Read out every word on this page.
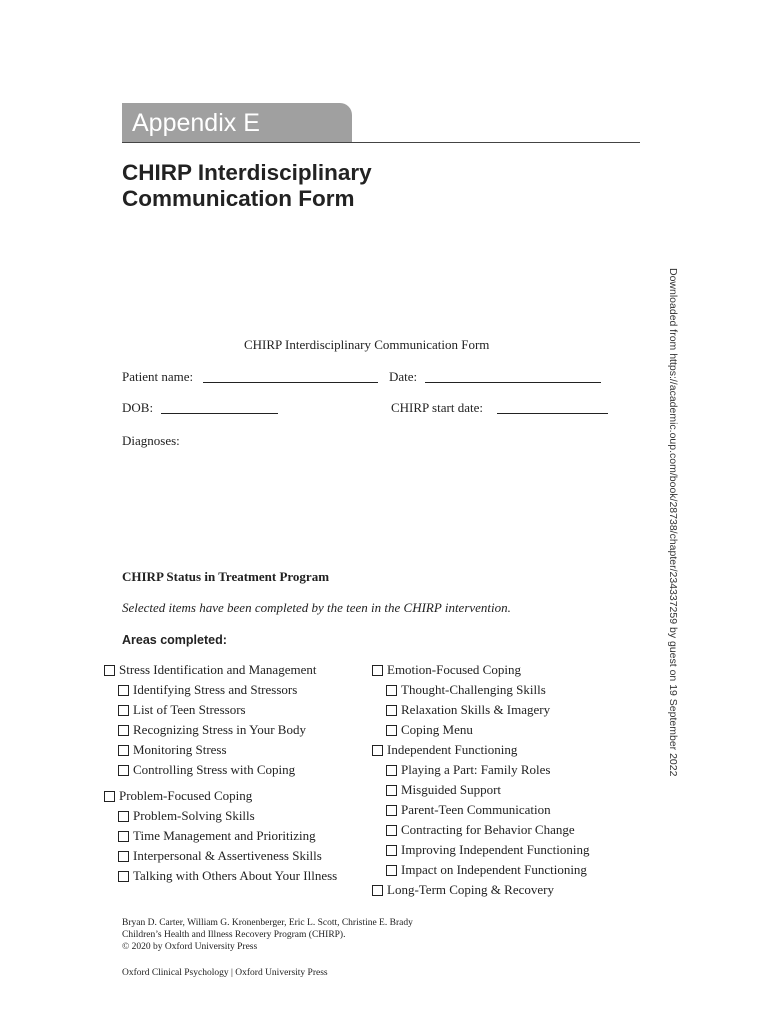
Appendix E
CHIRP Interdisciplinary
Communication Form
Downloaded from https://academic.oup.com/book/28738/chapter/234337259 by guest on 19 September 2022
CHIRP Interdisciplinary Communication Form
Patient name:	Date:
DOB:	CHIRP start date:
Diagnoses:
CHIRP Status in Treatment Program
Selected items have been completed by the teen in the CHIRP intervention.
Areas completed:
Stress Identification and Management
Identifying Stress and Stressors
List of Teen Stressors
Recognizing Stress in Your Body
Monitoring Stress
Controlling Stress with Coping
Problem-Focused Coping
Problem-Solving Skills
Time Management and Prioritizing
Interpersonal & Assertiveness Skills
Talking with Others About Your Illness
Emotion-Focused Coping
Thought-Challenging Skills
Relaxation Skills & Imagery
Coping Menu
Independent Functioning
Playing a Part: Family Roles
Misguided Support
Parent-Teen Communication
Contracting for Behavior Change
Improving Independent Functioning
Impact on Independent Functioning
Long-Term Coping & Recovery
Bryan D. Carter, William G. Kronenberger, Eric L. Scott, Christine E. Brady
Children’s Health and Illness Recovery Program (CHIRP).
© 2020 by Oxford University Press
Oxford Clinical Psychology | Oxford University Press
